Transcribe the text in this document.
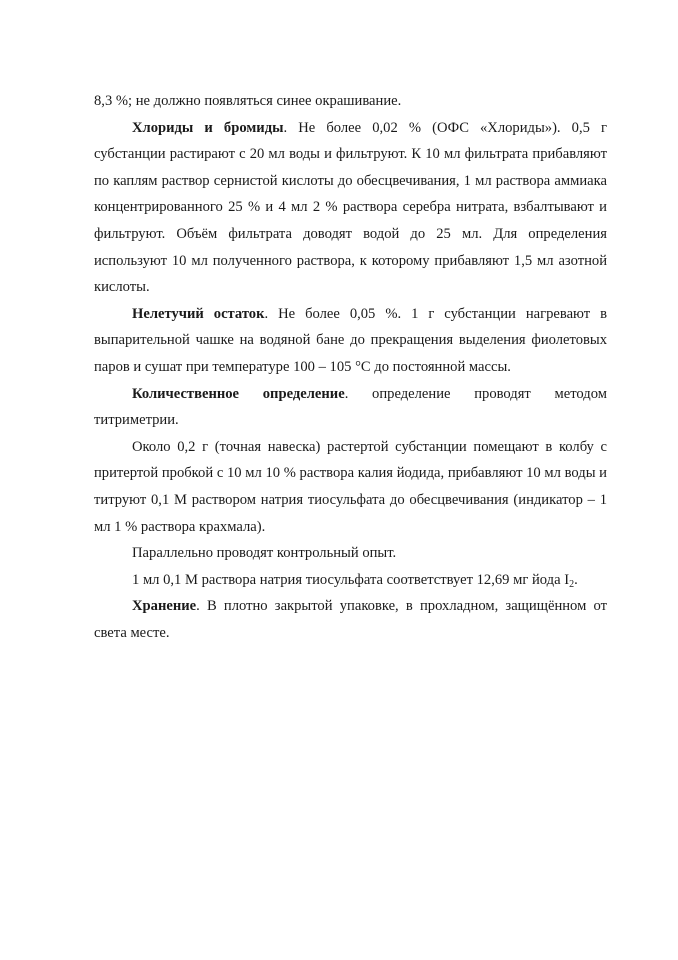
8,3 %; не должно появляться синее окрашивание.

Хлориды и бромиды. Не более 0,02 % (ОФС «Хлориды»). 0,5 г субстанции растирают с 20 мл воды и фильтруют. К 10 мл фильтрата прибавляют по каплям раствор сернистой кислоты до обесцвечивания, 1 мл раствора аммиака концентрированного 25 % и 4 мл 2 % раствора серебра нитрата, взбалтывают и фильтруют. Объём фильтрата доводят водой до 25 мл. Для определения используют 10 мл полученного раствора, к которому прибавляют 1,5 мл азотной кислоты.

Нелетучий остаток. Не более 0,05 %. 1 г субстанции нагревают в выпарительной чашке на водяной бане до прекращения выделения фиолетовых паров и сушат при температуре 100 – 105 °С до постоянной массы.

Количественное определение. определение проводят методом титриметрии.

Около 0,2 г (точная навеска) растертой субстанции помещают в колбу с притертой пробкой с 10 мл 10 % раствора калия йодида, прибавляют 10 мл воды и титруют 0,1 М раствором натрия тиосульфата до обесцвечивания (индикатор – 1 мл 1 % раствора крахмала).

Параллельно проводят контрольный опыт.

1 мл 0,1 М раствора натрия тиосульфата соответствует 12,69 мг йода $I_2$.

Хранение. В плотно закрытой упаковке, в прохладном, защищённом от света месте.
